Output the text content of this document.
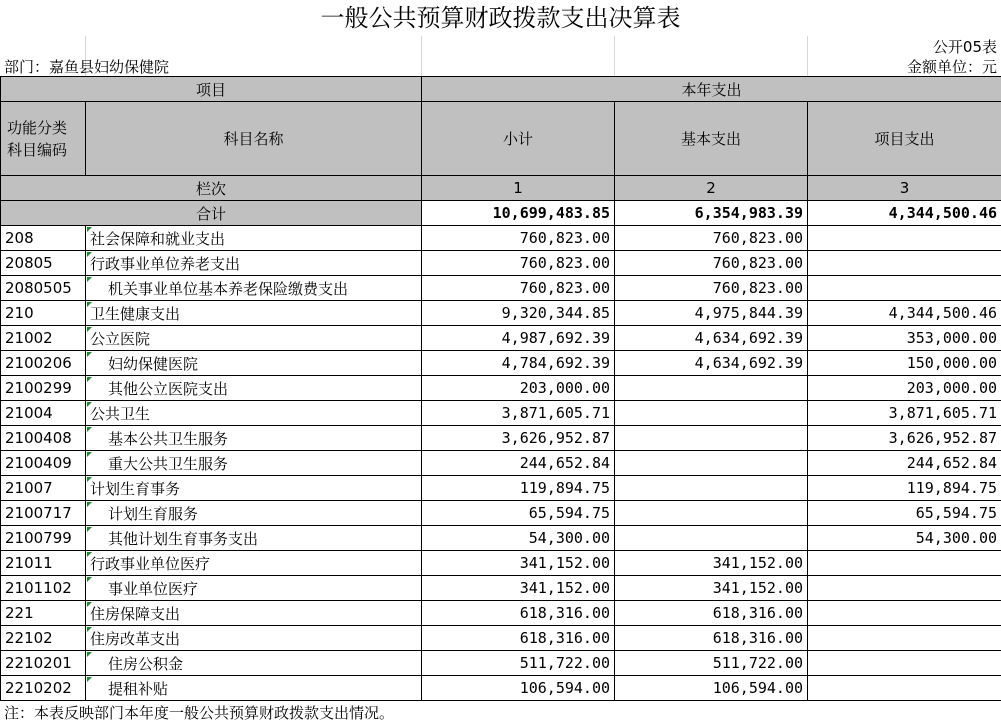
一般公共预算财政拨款支出决算表
公开05表
部门：嘉鱼县妇幼保健院	金额单位：元
项目		本年支出		
功能分类科目编码	科目名称	小计	基本支出	项目支出
栏次		1	2	3
合计		10,699,483.85	6,354,983.39	4,344,500.46
208	社会保障和就业支出	760,823.00	760,823.00	
20805	行政事业单位养老支出	760,823.00	760,823.00	
2080505	机关事业单位基本养老保险缴费支出	760,823.00	760,823.00	
210	卫生健康支出	9,320,344.85	4,975,844.39	4,344,500.46
21002	公立医院	4,987,692.39	4,634,692.39	353,000.00
2100206	妇幼保健医院	4,784,692.39	4,634,692.39	150,000.00
2100299	其他公立医院支出	203,000.00		203,000.00
21004	公共卫生	3,871,605.71		3,871,605.71
2100408	基本公共卫生服务	3,626,952.87		3,626,952.87
2100409	重大公共卫生服务	244,652.84		244,652.84
21007	计划生育事务	119,894.75		119,894.75
2100717	计划生育服务	65,594.75		65,594.75
2100799	其他计划生育事务支出	54,300.00		54,300.00
21011	行政事业单位医疗	341,152.00	341,152.00	
2101102	事业单位医疗	341,152.00	341,152.00	
221	住房保障支出	618,316.00	618,316.00	
22102	住房改革支出	618,316.00	618,316.00	
2210201	住房公积金	511,722.00	511,722.00	
2210202	提租补贴	106,594.00	106,594.00	
注：本表反映部门本年度一般公共预算财政拨款支出情况。
